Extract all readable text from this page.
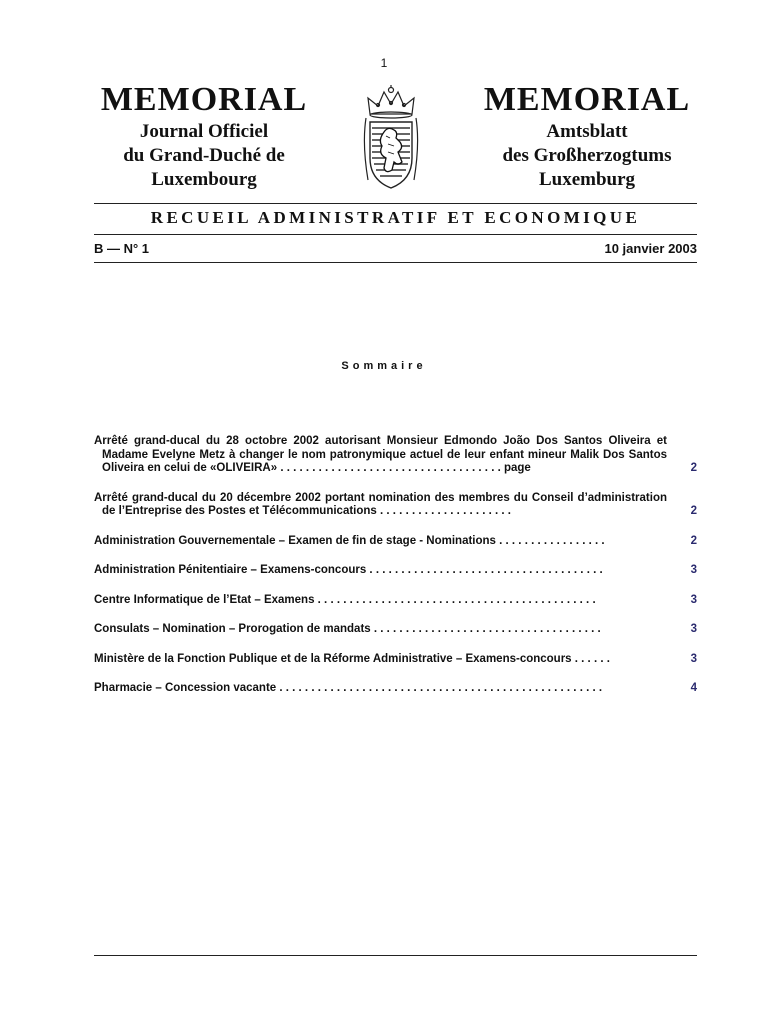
1
MEMORIAL
Journal Officiel
du Grand-Duché de
Luxembourg
MEMORIAL
Amtsblatt
des Großherzogtums
Luxemburg
RECUEIL ADMINISTRATIF ET ECONOMIQUE
B — N° 1	10 janvier 2003
Sommaire
Arrêté grand-ducal du 28 octobre 2002 autorisant Monsieur Edmondo João Dos Santos Oliveira et Madame Evelyne Metz à changer le nom patronymique actuel de leur enfant mineur Malik Dos Santos Oliveira en celui de «OLIVEIRA» . . . . . . . . . . . . . . . . . . . . . . . . . . . . . . . . . . . page	2
Arrêté grand-ducal du 20 décembre 2002 portant nomination des membres du Conseil d’administration de l’Entreprise des Postes et Télécommunications . . . . . . . . . . . . . . . . . . . . .	2
Administration Gouvernementale – Examen de fin de stage - Nominations . . . . . . . . . . . . . . . . .	2
Administration Pénitentiaire – Examens-concours . . . . . . . . . . . . . . . . . . . . . . . . . . . . . . . . . . . . .	3
Centre Informatique de l’Etat – Examens . . . . . . . . . . . . . . . . . . . . . . . . . . . . . . . . . . . . . . . . . . . .	3
Consulats – Nomination – Prorogation de mandats . . . . . . . . . . . . . . . . . . . . . . . . . . . . . . . . . . . .	3
Ministère de la Fonction Publique et de la Réforme Administrative – Examens-concours . . . . . .	3
Pharmacie – Concession vacante . . . . . . . . . . . . . . . . . . . . . . . . . . . . . . . . . . . . . . . . . . . . . . . . . . .	4
